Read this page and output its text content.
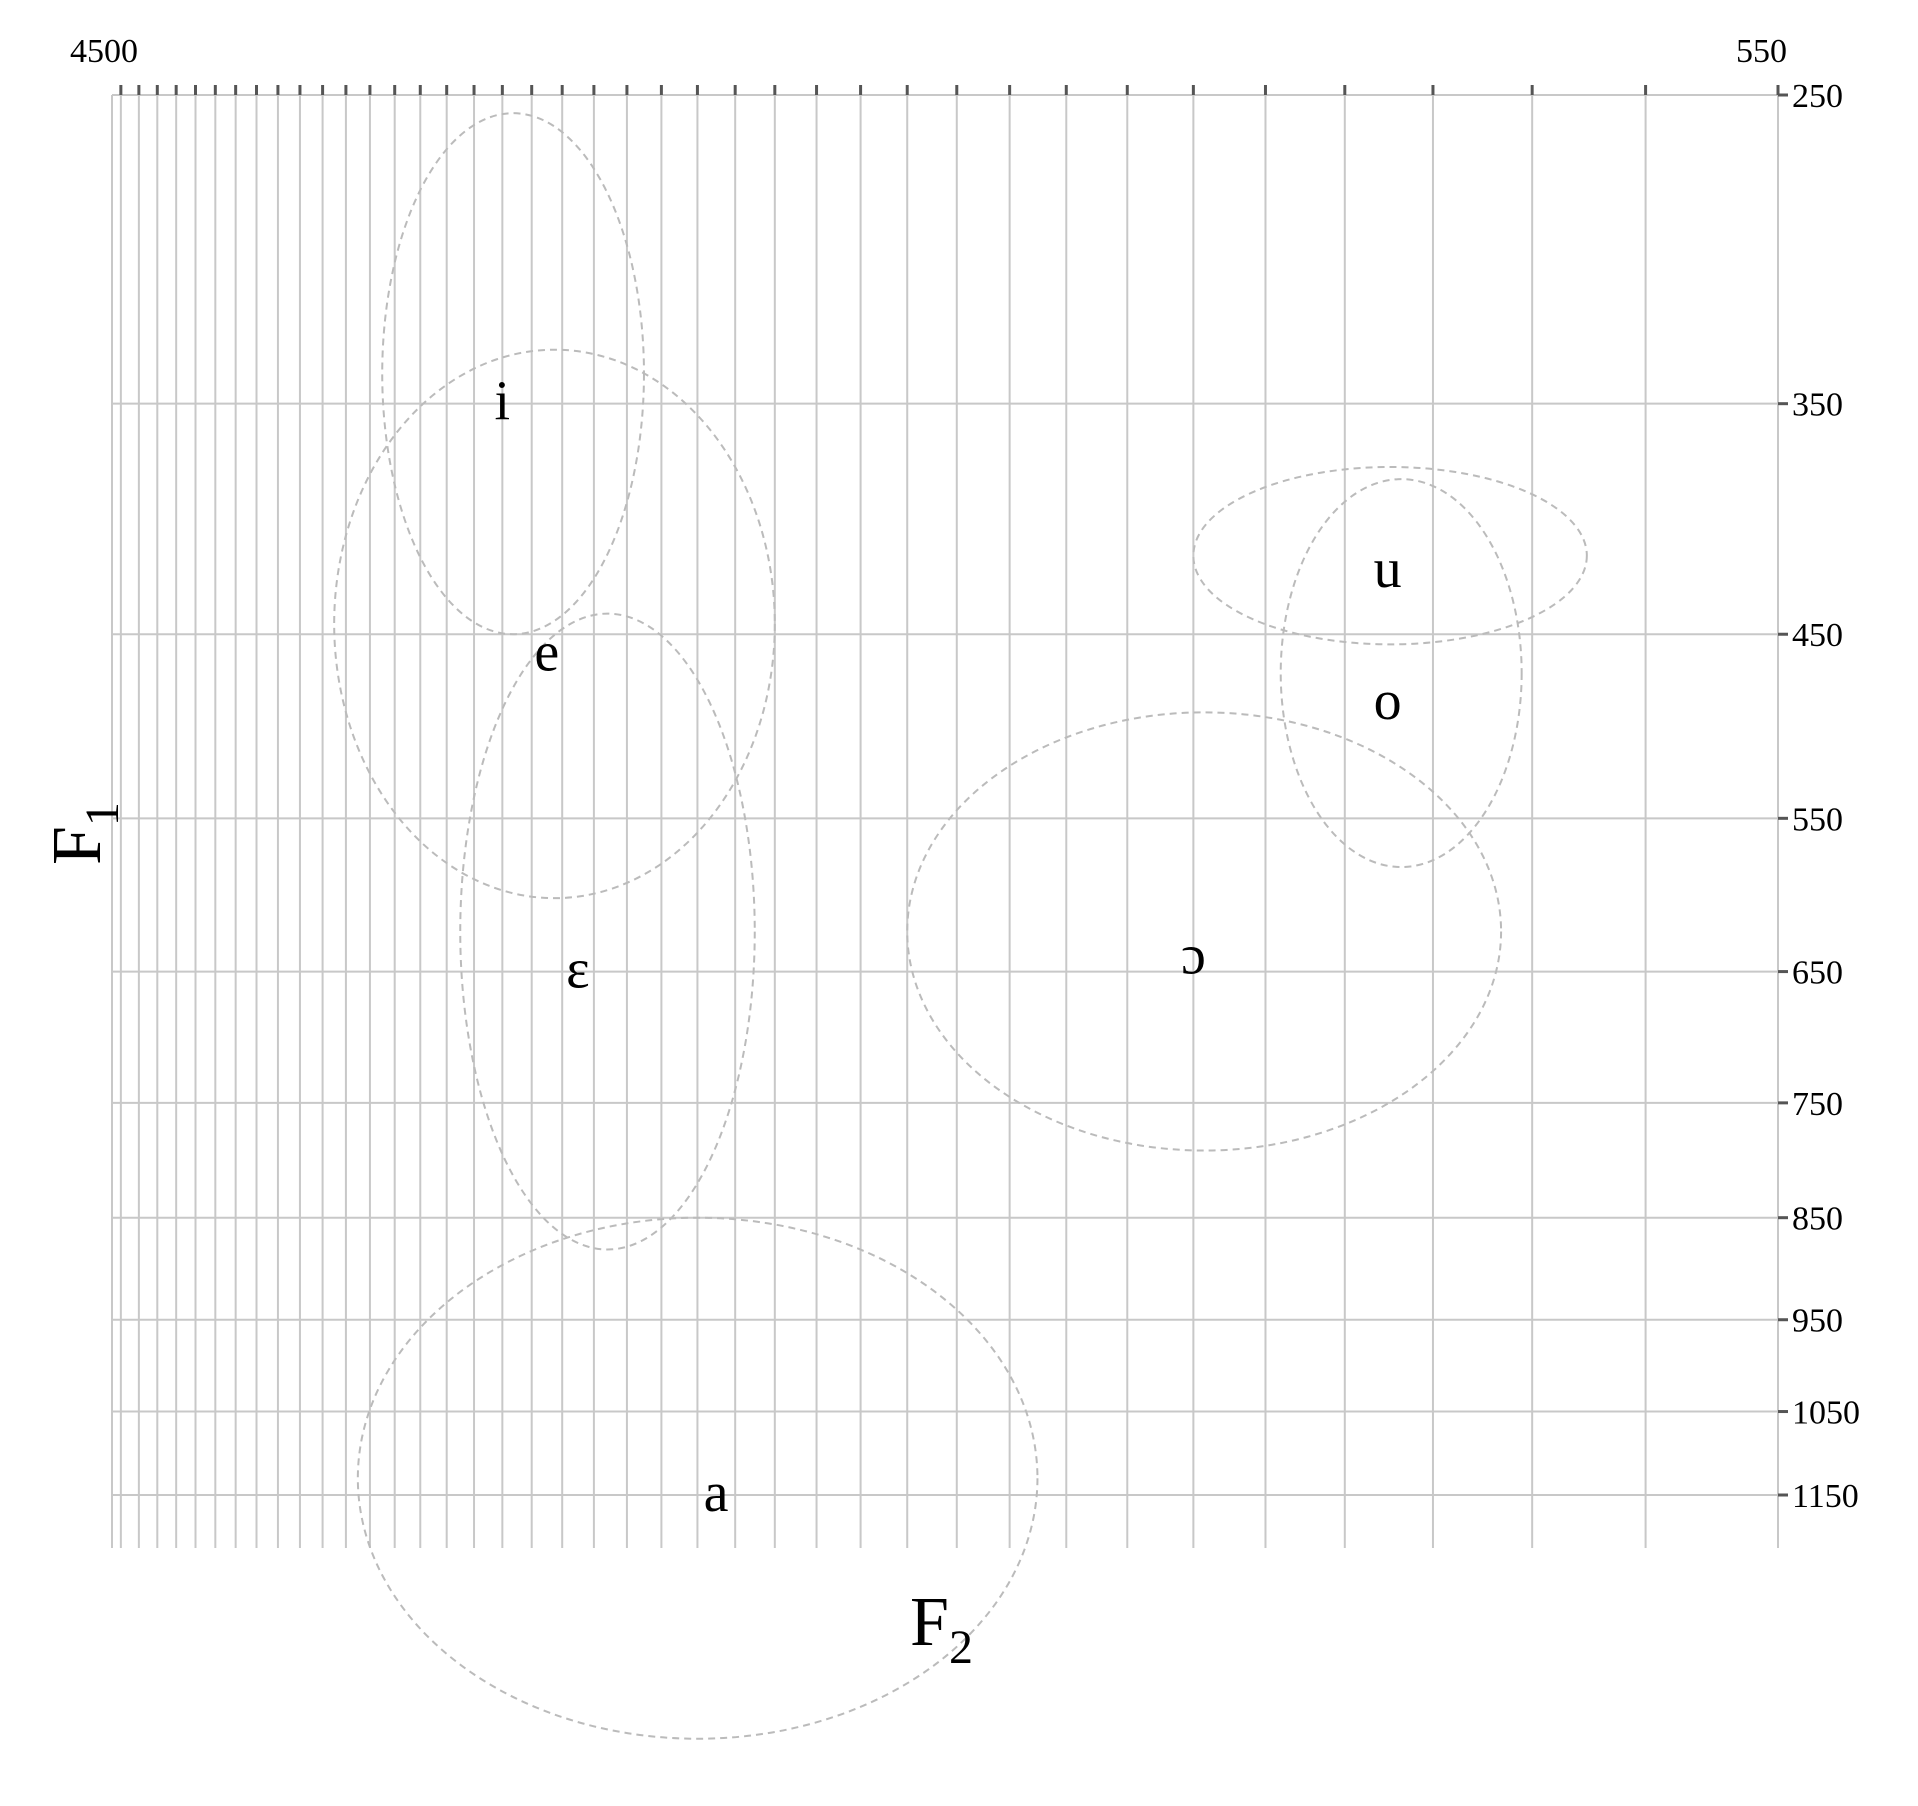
i
e
ɛ
a
ɔ
o
u
250
350
450
550
650
750
850
950
1050
1150
4500	550
$F_2$
$F_1$
